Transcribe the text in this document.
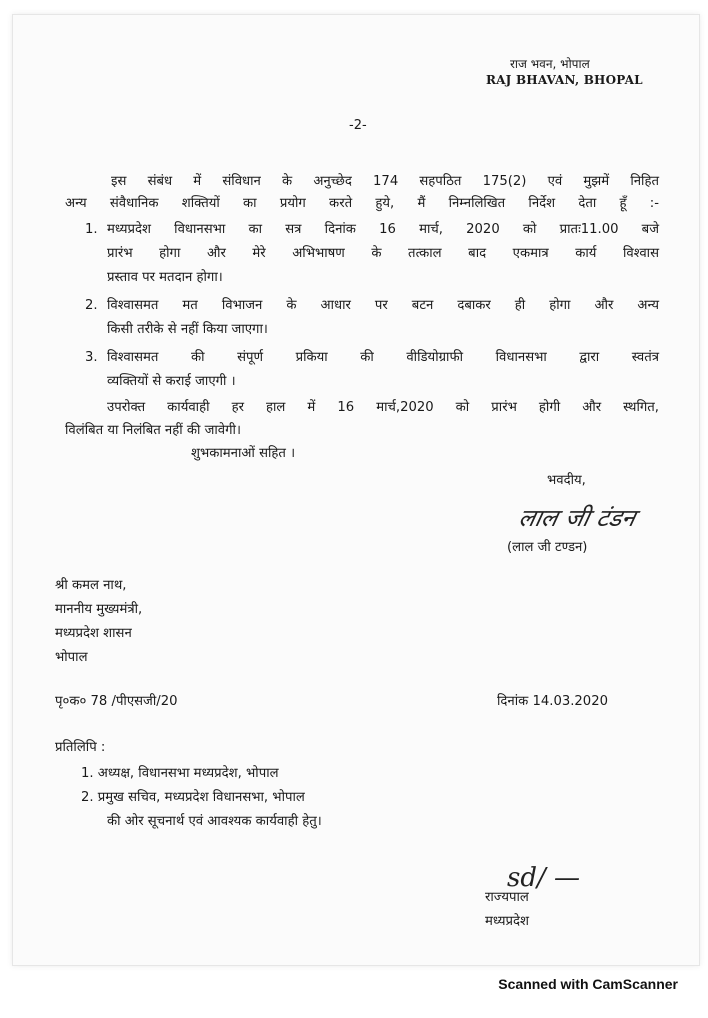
राज भवन, भोपाल
RAJ BHAVAN, BHOPAL
-2-
इस संबंध में संविधान के अनुच्छेद 174 सहपठित 175(2) एवं मुझमें निहित
अन्य संवैधानिक शक्तियों का प्रयोग करते हुये, मैं निम्नलिखित निर्देश देता हूँ :-
1. मध्यप्रदेश विधानसभा का सत्र दिनांक 16 मार्च, 2020 को प्रातः11.00 बजे
प्रारंभ होगा और मेरे अभिभाषण के तत्काल बाद एकमात्र कार्य विश्वास
प्रस्ताव पर मतदान होगा।
2. विश्वासमत मत विभाजन के आधार पर बटन दबाकर ही होगा और अन्य
किसी तरीके से नहीं किया जाएगा।
3. विश्वासमत की संपूर्ण प्रकिया की वीडियोग्राफी विधानसभा द्वारा स्वतंत्र
व्यक्तियों से कराई जाएगी ।
उपरोक्त कार्यवाही हर हाल में 16 मार्च,2020 को प्रारंभ होगी और स्थगित,
विलंबित या निलंबित नहीं की जावेगी।
शुभकामनाओं सहित ।
भवदीय,
लाल जी टंडन
(लाल जी टण्डन)
श्री कमल नाथ,
माननीय मुख्यमंत्री,
मध्यप्रदेश शासन
भोपाल
पृ०क० 78 /पीएसजी/20	दिनांक 14.03.2020
प्रतिलिपि :
1. अध्यक्ष, विधानसभा मध्यप्रदेश, भोपाल
2. प्रमुख सचिव, मध्यप्रदेश विधानसभा, भोपाल
की ओर सूचनार्थ एवं आवश्यक कार्यवाही हेतु।
sd/ —
राज्यपाल
मध्यप्रदेश
Scanned with CamScanner
